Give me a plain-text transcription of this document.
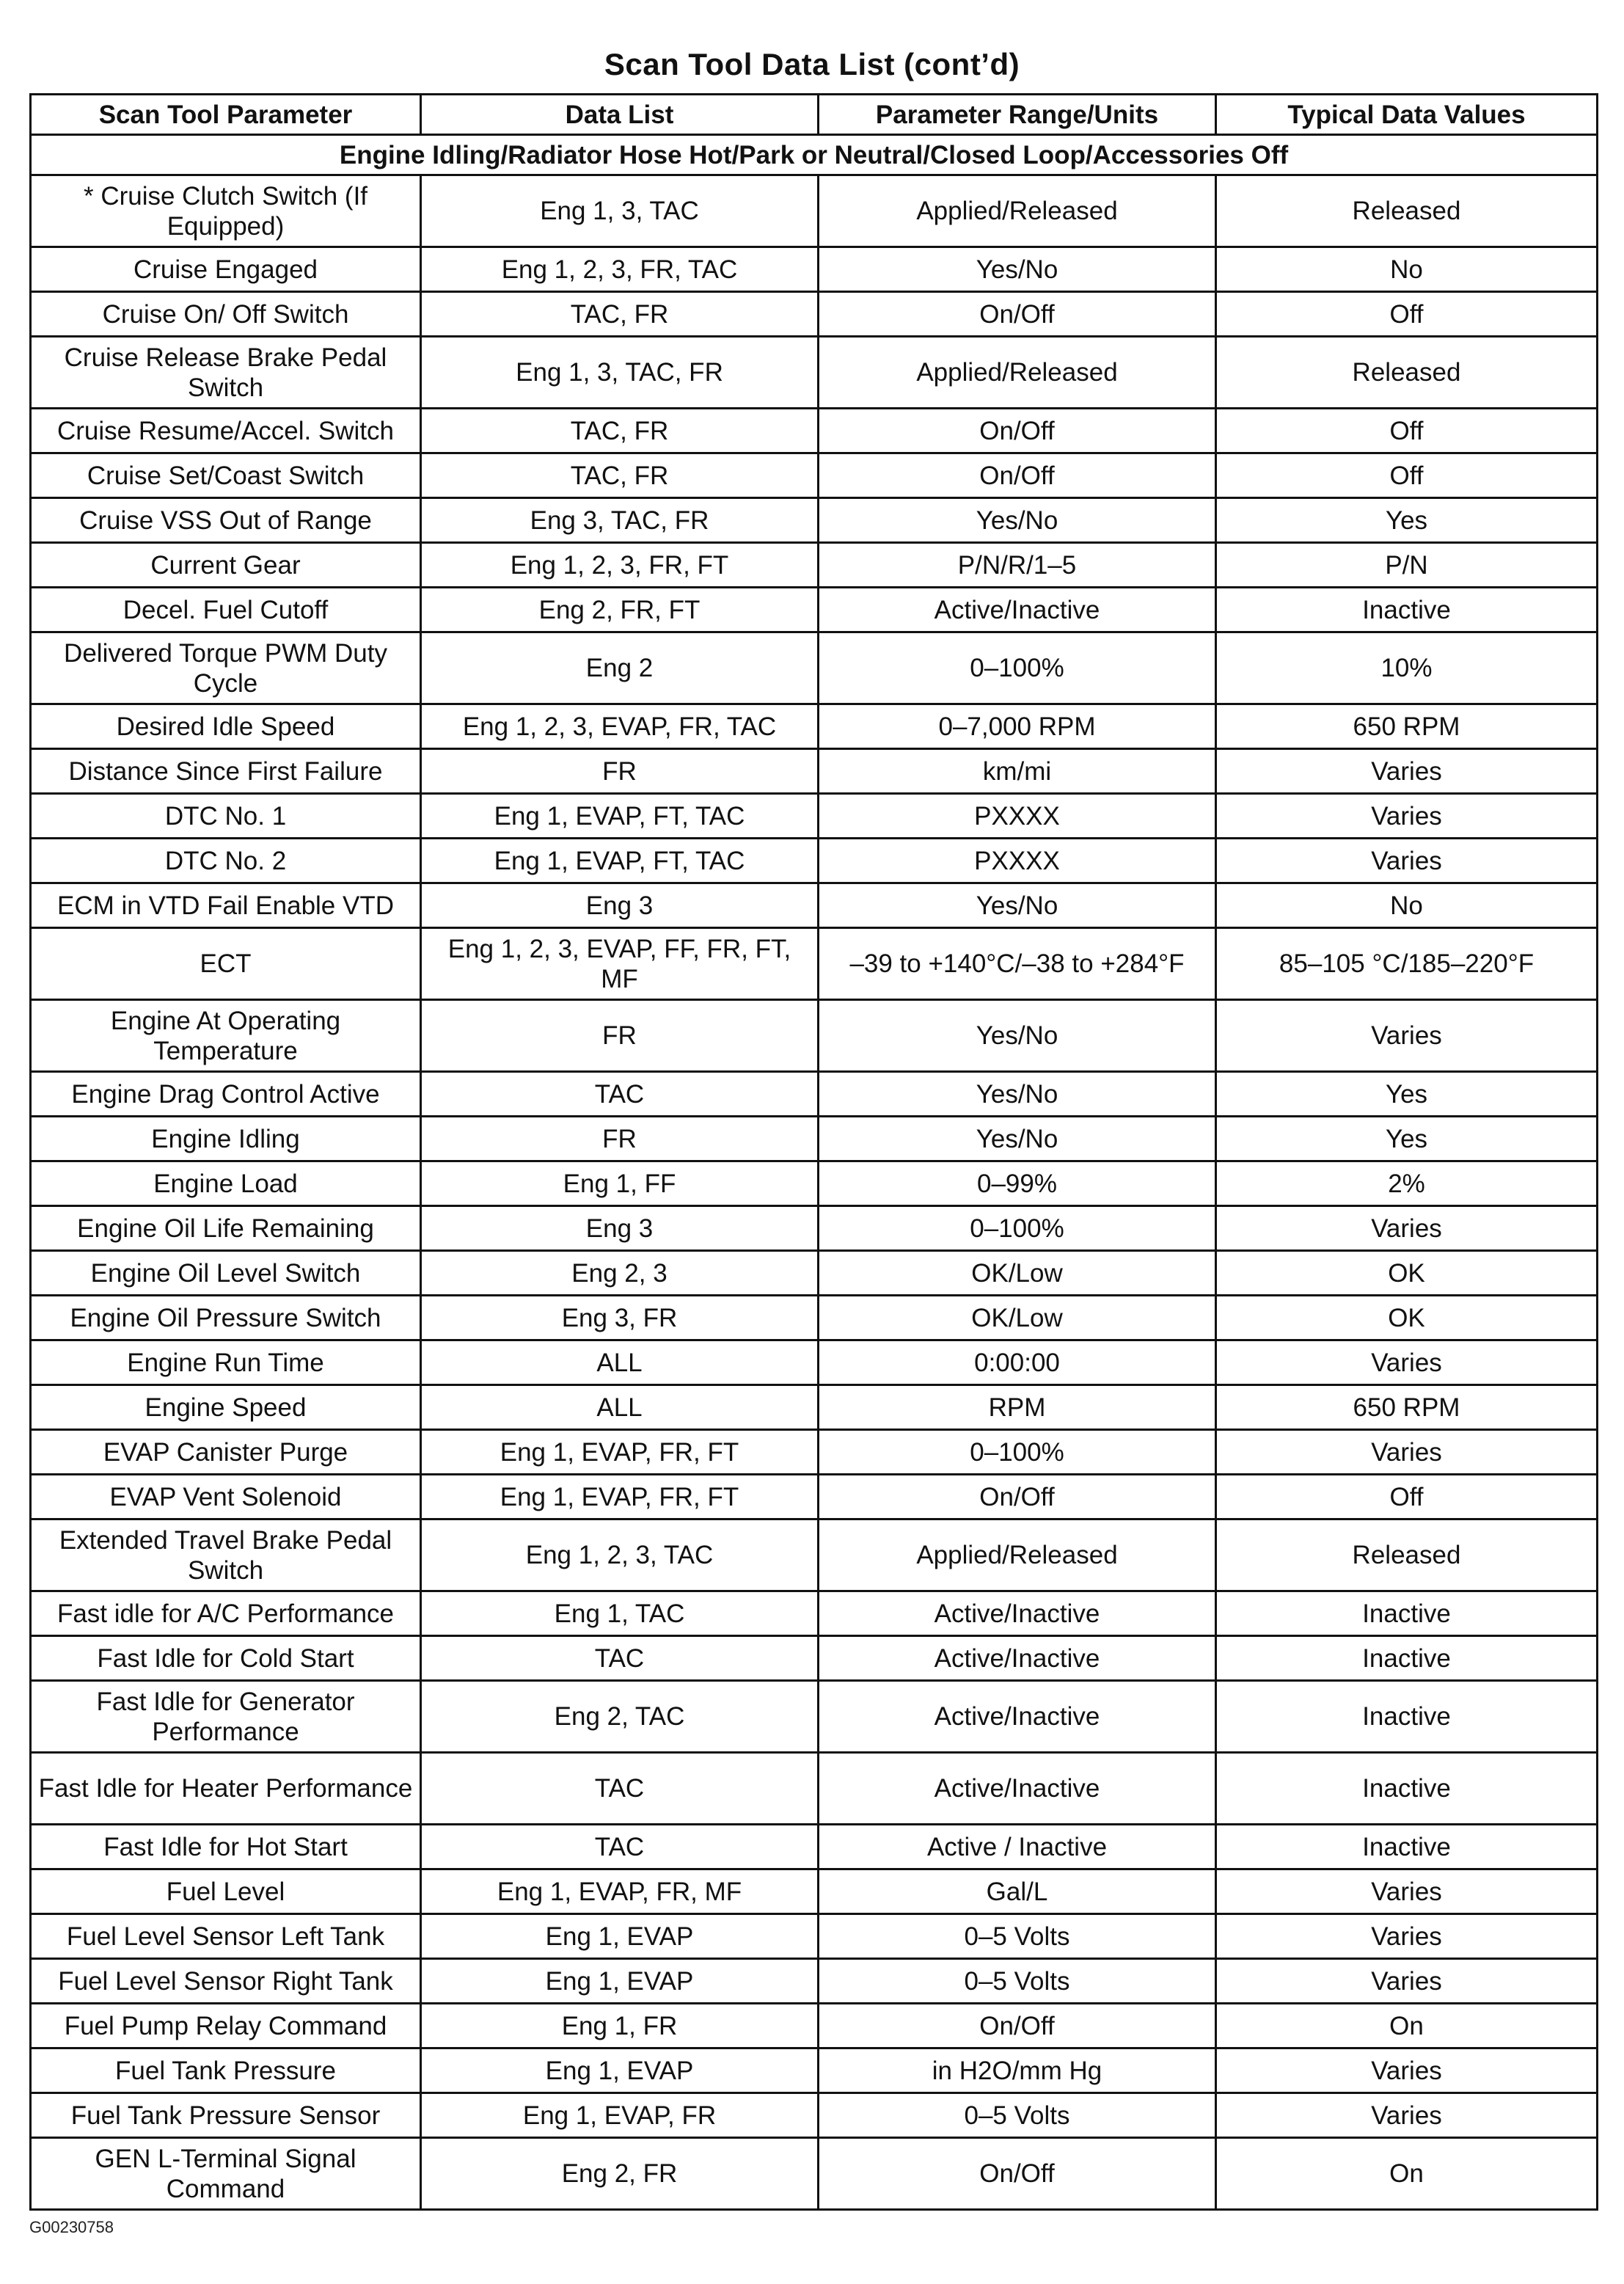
Scan Tool Data List (cont’d)
Scan Tool Parameter	Data List	Parameter Range/Units	Typical Data Values
Engine Idling/Radiator Hose Hot/Park or Neutral/Closed Loop/Accessories Off			
* Cruise Clutch Switch (If Equipped)	Eng 1, 3, TAC	Applied/Released	Released
Cruise Engaged	Eng 1, 2, 3, FR, TAC	Yes/No	No
Cruise On/ Off Switch	TAC, FR	On/Off	Off
Cruise Release Brake Pedal Switch	Eng 1, 3, TAC, FR	Applied/Released	Released
Cruise Resume/Accel. Switch	TAC, FR	On/Off	Off
Cruise Set/Coast Switch	TAC, FR	On/Off	Off
Cruise VSS Out of Range	Eng 3, TAC, FR	Yes/No	Yes
Current Gear	Eng 1, 2, 3, FR, FT	P/N/R/1–5	P/N
Decel. Fuel Cutoff	Eng 2, FR, FT	Active/Inactive	Inactive
Delivered Torque PWM Duty Cycle	Eng 2	0–100%	10%
Desired Idle Speed	Eng 1, 2, 3, EVAP, FR, TAC	0–7,000 RPM	650 RPM
Distance Since First Failure	FR	km/mi	Varies
DTC No. 1	Eng 1, EVAP, FT, TAC	PXXXX	Varies
DTC No. 2	Eng 1, EVAP, FT, TAC	PXXXX	Varies
ECM in VTD Fail Enable VTD	Eng 3	Yes/No	No
ECT	Eng 1, 2, 3, EVAP, FF, FR, FT, MF	–39 to +140°C/–38 to +284°F	85–105 °C/185–220°F
Engine At Operating Temperature	FR	Yes/No	Varies
Engine Drag Control Active	TAC	Yes/No	Yes
Engine Idling	FR	Yes/No	Yes
Engine Load	Eng 1, FF	0–99%	2%
Engine Oil Life Remaining	Eng 3	0–100%	Varies
Engine Oil Level Switch	Eng 2, 3	OK/Low	OK
Engine Oil Pressure Switch	Eng 3, FR	OK/Low	OK
Engine Run Time	ALL	0:00:00	Varies
Engine Speed	ALL	RPM	650 RPM
EVAP Canister Purge	Eng 1, EVAP, FR, FT	0–100%	Varies
EVAP Vent Solenoid	Eng 1, EVAP, FR, FT	On/Off	Off
Extended Travel Brake Pedal Switch	Eng 1, 2, 3, TAC	Applied/Released	Released
Fast idle for A/C Performance	Eng 1, TAC	Active/Inactive	Inactive
Fast Idle for Cold Start	TAC	Active/Inactive	Inactive
Fast Idle for Generator Performance	Eng 2, TAC	Active/Inactive	Inactive
Fast Idle for Heater Performance	TAC	Active/Inactive	Inactive
Fast Idle for Hot Start	TAC	Active / Inactive	Inactive
Fuel Level	Eng 1, EVAP, FR, MF	Gal/L	Varies
Fuel Level Sensor Left Tank	Eng 1, EVAP	0–5 Volts	Varies
Fuel Level Sensor Right Tank	Eng 1, EVAP	0–5 Volts	Varies
Fuel Pump Relay Command	Eng 1, FR	On/Off	On
Fuel Tank Pressure	Eng 1, EVAP	in H2O/mm Hg	Varies
Fuel Tank Pressure Sensor	Eng 1, EVAP, FR	0–5 Volts	Varies
GEN L-Terminal Signal Command	Eng 2, FR	On/Off	On
G00230758
